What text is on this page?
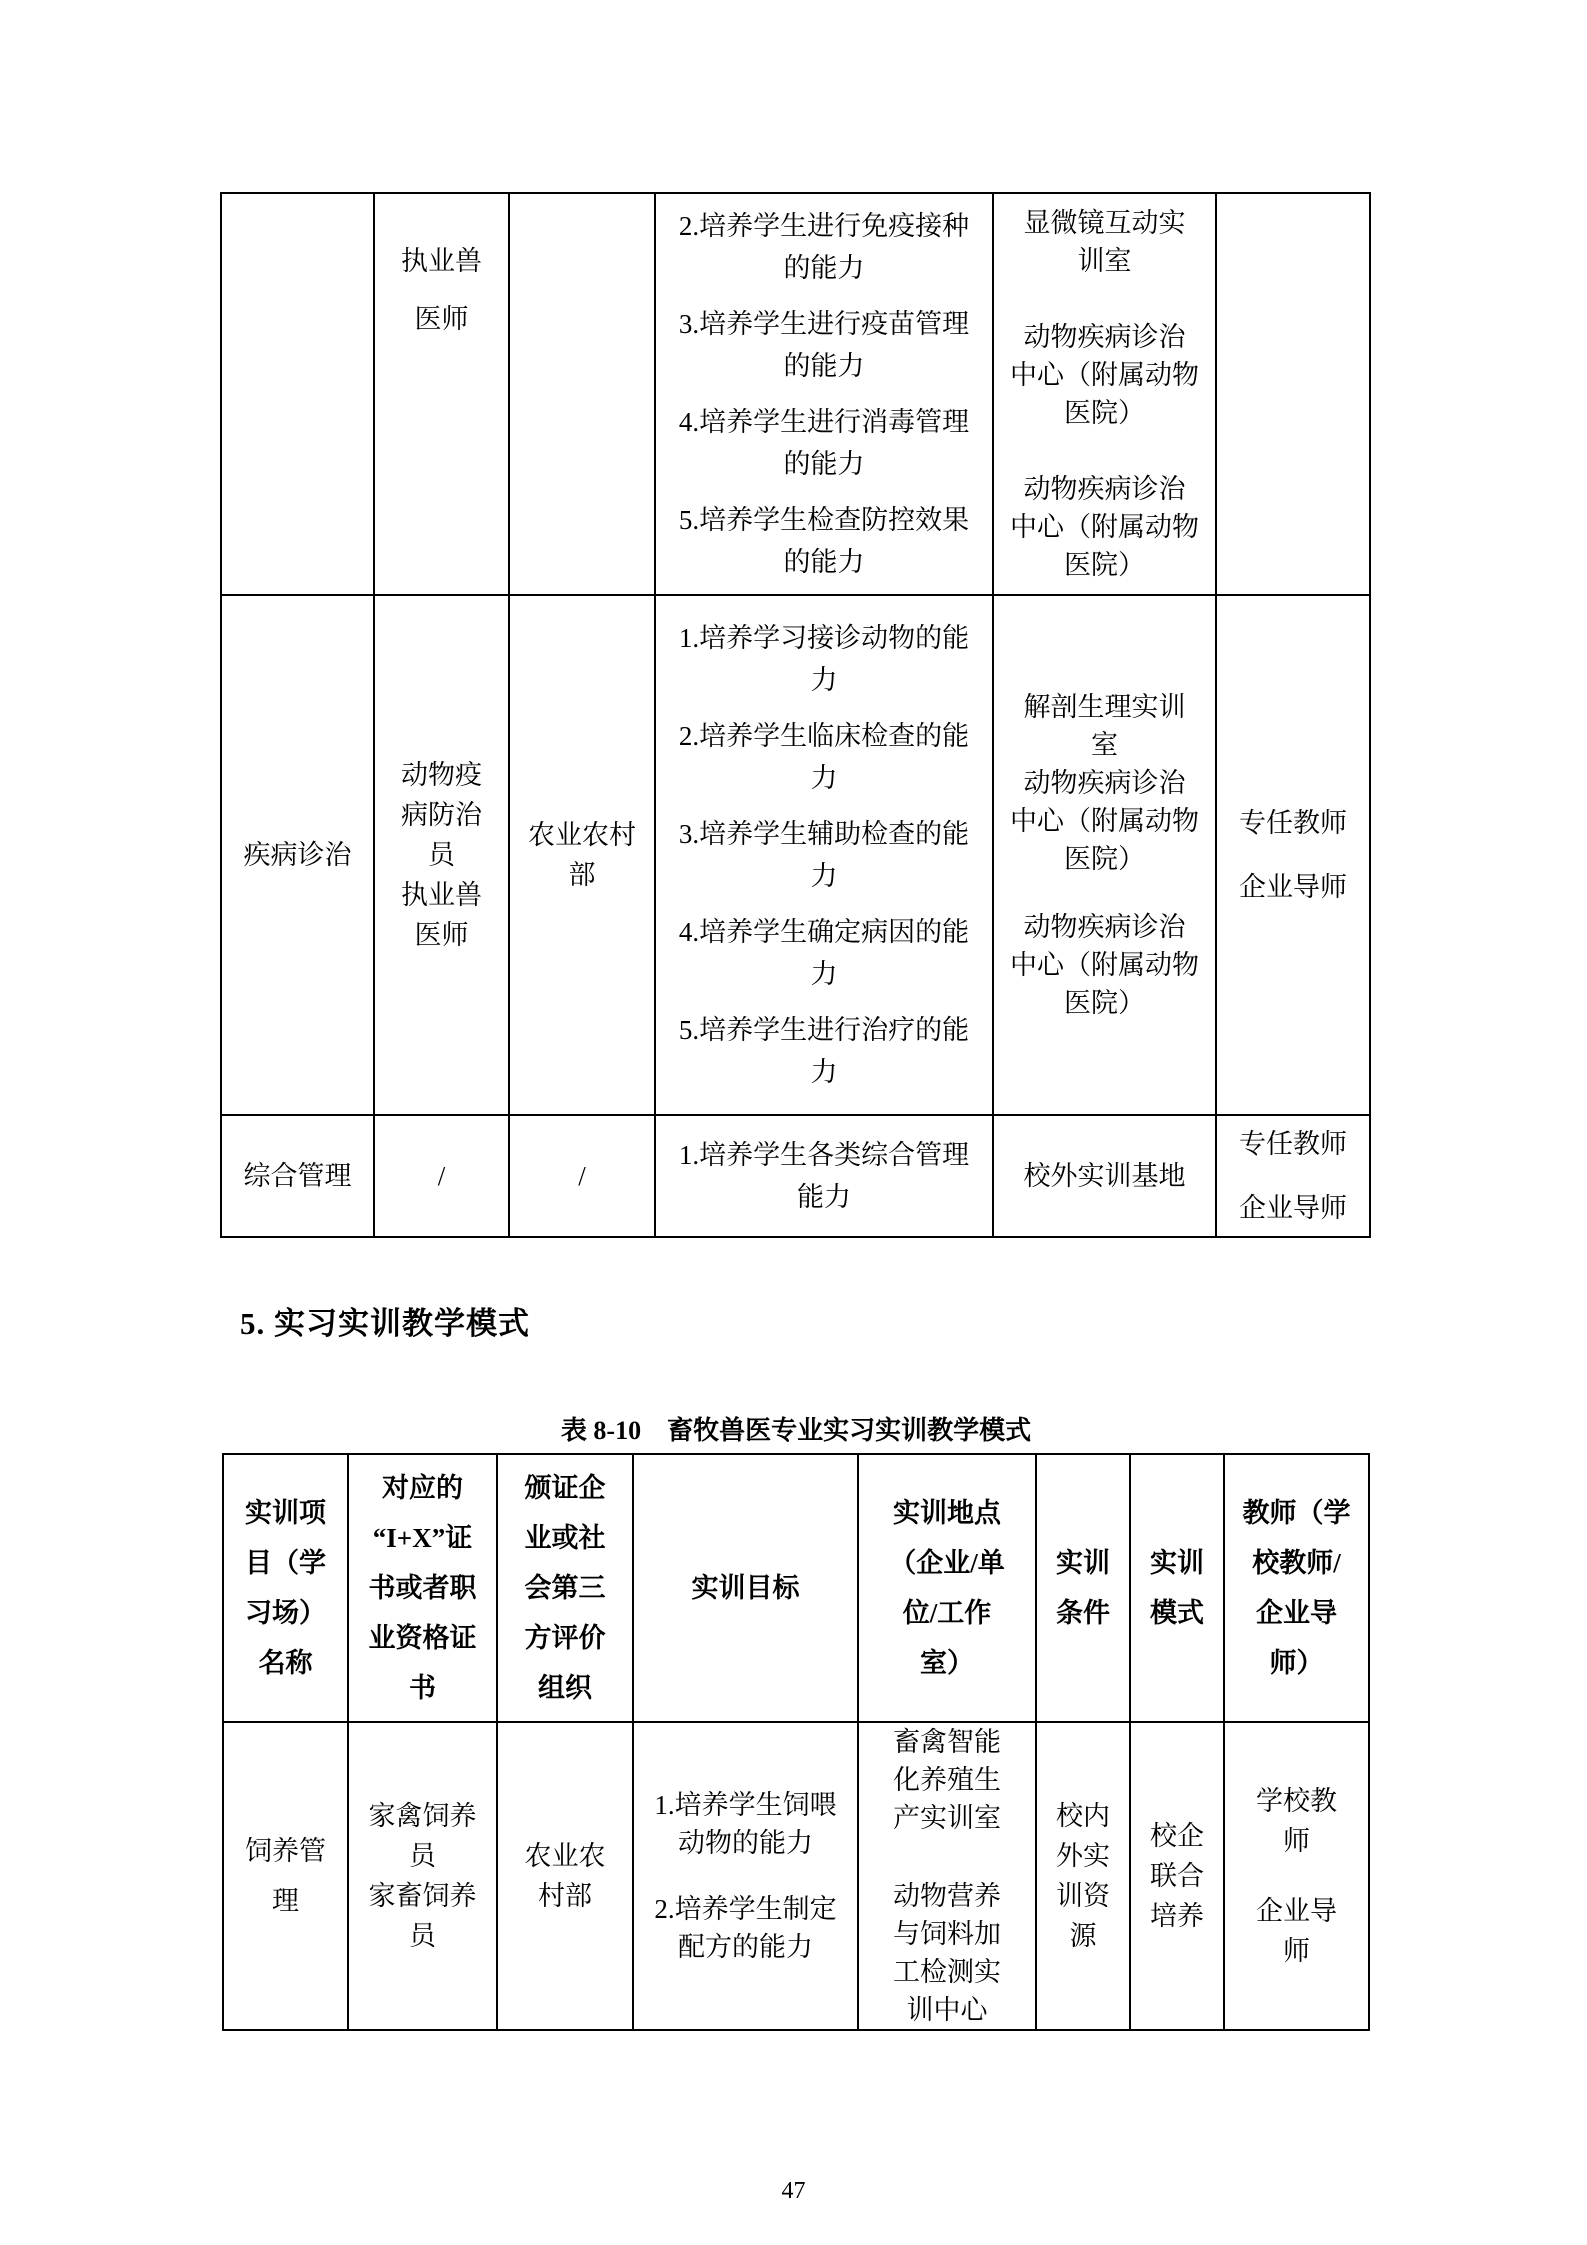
执业兽
医师
2.培养学生进行免疫接种
的能力
3.培养学生进行疫苗管理
的能力
4.培养学生进行消毒管理
的能力
5.培养学生检查防控效果
的能力
显微镜互动实
训室
动物疾病诊治
中心（附属动物
医院）
动物疾病诊治
中心（附属动物
医院）
疾病诊治
动物疫
病防治
员
执业兽
医师
农业农村
部
1.培养学习接诊动物的能
力
2.培养学生临床检查的能
力
3.培养学生辅助检查的能
力
4.培养学生确定病因的能
力
5.培养学生进行治疗的能
力
解剖生理实训
室
动物疾病诊治
中心（附属动物
医院）
动物疾病诊治
中心（附属动物
医院）
专任教师
企业导师
综合管理	/	/
1.培养学生各类综合管理
能力
校外实训基地
专任教师
企业导师
5. 实习实训教学模式
表 8-10　畜牧兽医专业实习实训教学模式
实训项
目（学
习场）
名称
对应的
“I+X”证
书或者职
业资格证
书
颁证企
业或社
会第三
方评价
组织
实训目标
实训地点
（企业/单
位/工作
室）
实训
条件
实训
模式
教师（学
校教师/
企业导
师）
饲养管
理
家禽饲养
员
家畜饲养
员
农业农
村部
1.培养学生饲喂
动物的能力
2.培养学生制定
配方的能力
畜禽智能
化养殖生
产实训室
动物营养
与饲料加
工检测实
训中心
校内
外实
训资
源
校企
联合
培养
学校教
师
企业导
师
47
